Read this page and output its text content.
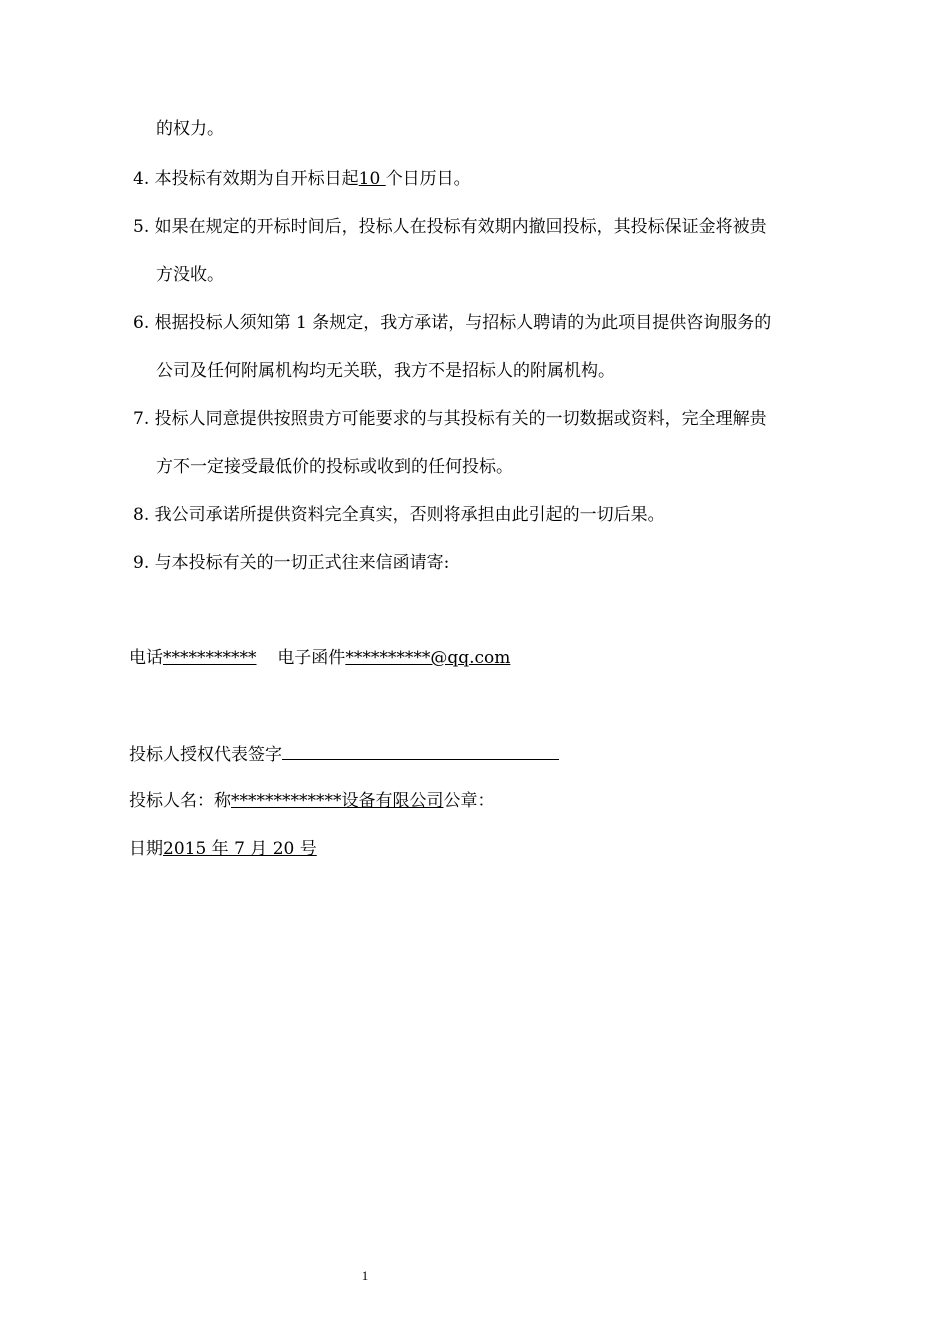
的权力。
4. 本投标有效期为自开标日起10 个日历日。
5. 如果在规定的开标时间后，投标人在投标有效期内撤回投标，其投标保证金将被贵
方没收。
6. 根据投标人须知第 1 条规定，我方承诺，与招标人聘请的为此项目提供咨询服务的
公司及任何附属机构均无关联，我方不是招标人的附属机构。
7. 投标人同意提供按照贵方可能要求的与其投标有关的一切数据或资料，完全理解贵
方不一定接受最低价的投标或收到的任何投标。
8. 我公司承诺所提供资料完全真实，否则将承担由此引起的一切后果。
9. 与本投标有关的一切正式往来信函请寄:
电话*********** 电子函件**********@qq.com
投标人授权代表签字
投标人名：称*************设备有限公司公章：
日期2015 年 7 月 20 号
1
